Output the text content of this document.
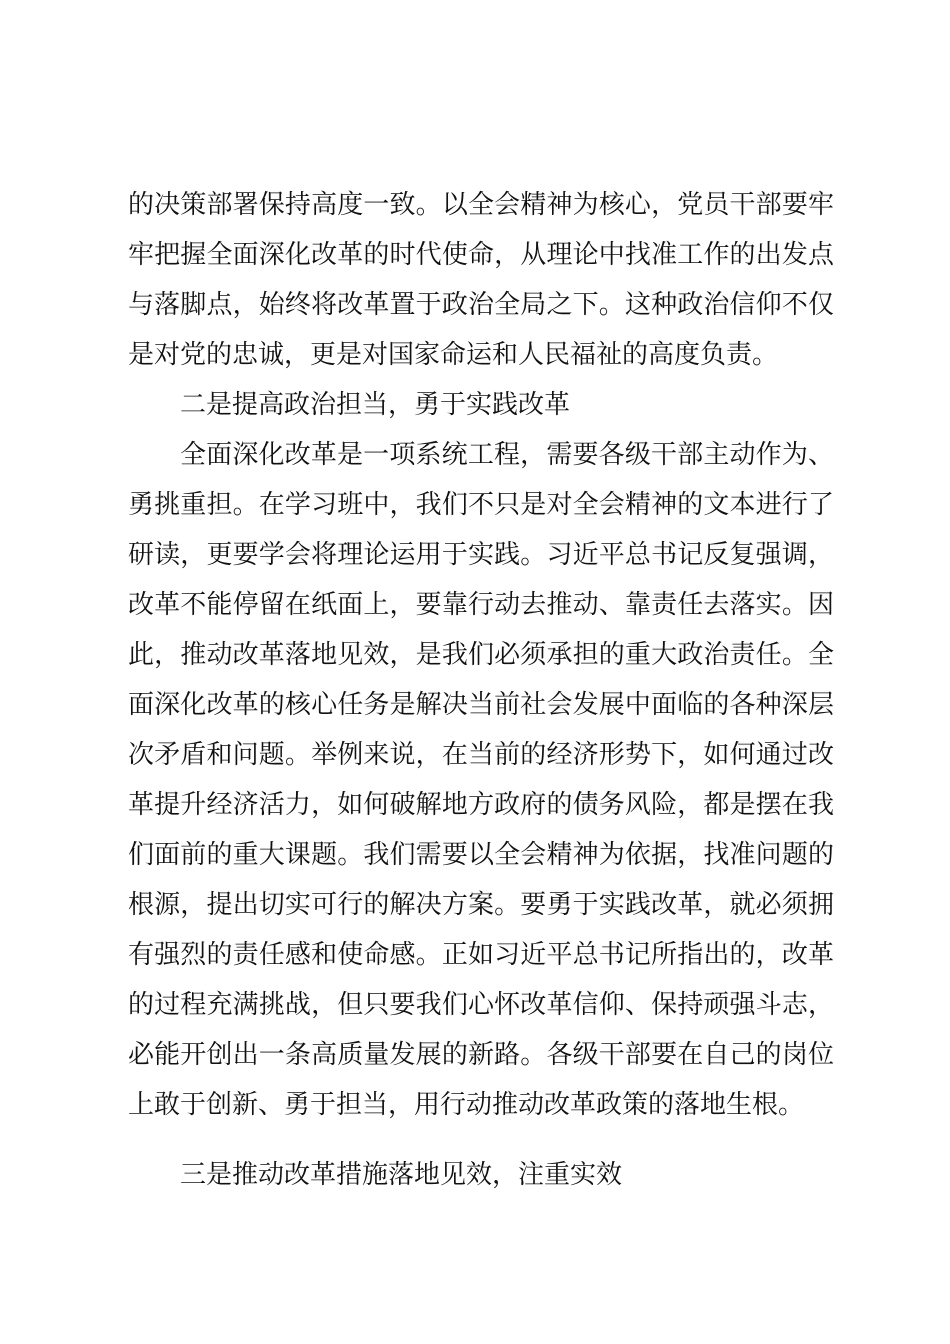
的决策部署保持高度一致。以全会精神为核心，党员干部要牢
牢把握全面深化改革的时代使命，从理论中找准工作的出发点
与落脚点，始终将改革置于政治全局之下。这种政治信仰不仅
是对党的忠诚，更是对国家命运和人民福祉的高度负责。
二是提高政治担当，勇于实践改革
全面深化改革是一项系统工程，需要各级干部主动作为、
勇挑重担。在学习班中，我们不只是对全会精神的文本进行了
研读，更要学会将理论运用于实践。习近平总书记反复强调，
改革不能停留在纸面上，要靠行动去推动、靠责任去落实。因
此，推动改革落地见效，是我们必须承担的重大政治责任。全
面深化改革的核心任务是解决当前社会发展中面临的各种深层
次矛盾和问题。举例来说，在当前的经济形势下，如何通过改
革提升经济活力，如何破解地方政府的债务风险，都是摆在我
们面前的重大课题。我们需要以全会精神为依据，找准问题的
根源，提出切实可行的解决方案。要勇于实践改革，就必须拥
有强烈的责任感和使命感。正如习近平总书记所指出的，改革
的过程充满挑战，但只要我们心怀改革信仰、保持顽强斗志，
必能开创出一条高质量发展的新路。各级干部要在自己的岗位
上敢于创新、勇于担当，用行动推动改革政策的落地生根。
三是推动改革措施落地见效，注重实效
